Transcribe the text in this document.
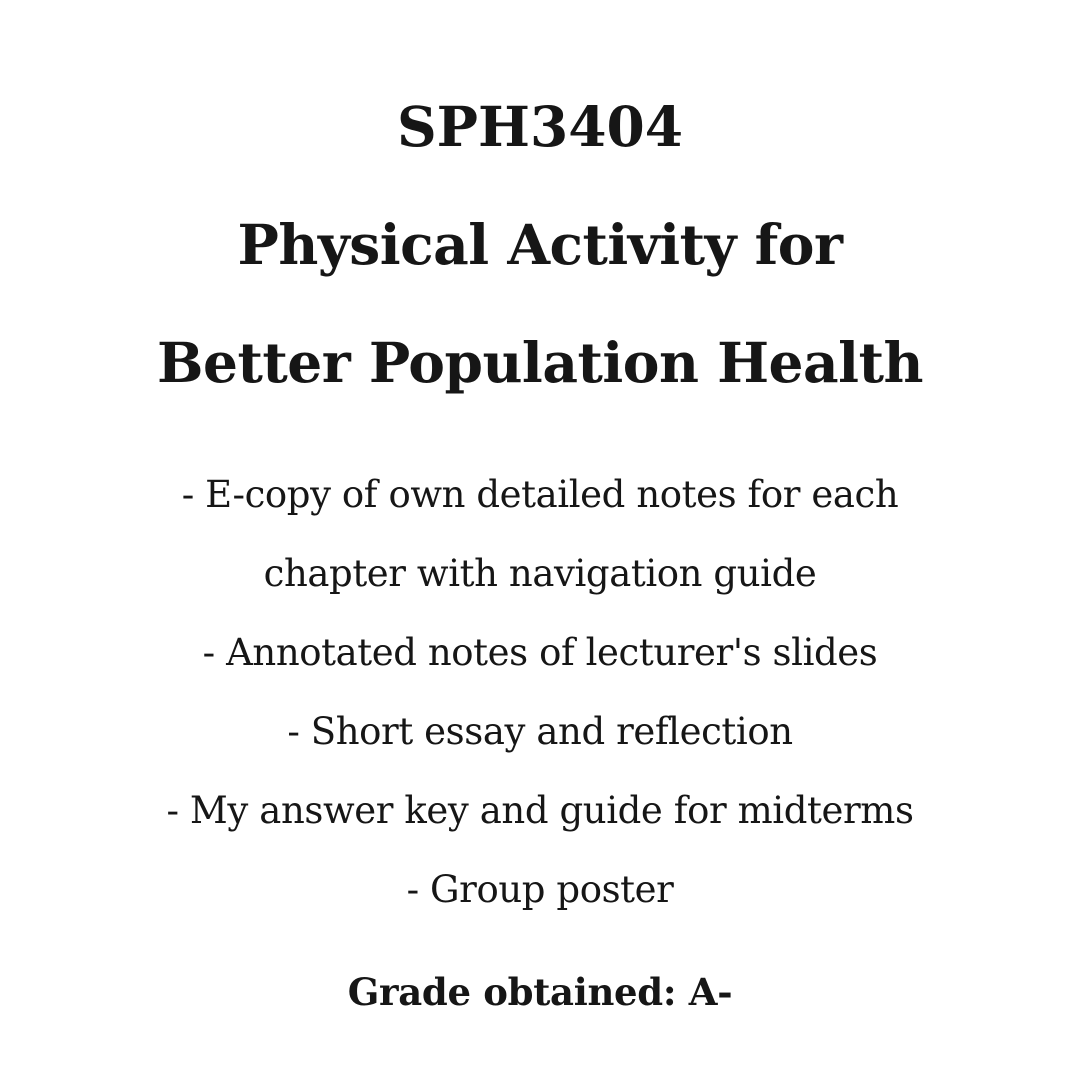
SPH3404
Physical Activity for
Better Population Health
- E-copy of own detailed notes for each
chapter with navigation guide
- Annotated notes of lecturer's slides
- Short essay and reflection
- My answer key and guide for midterms
- Group poster
Grade obtained: A-
